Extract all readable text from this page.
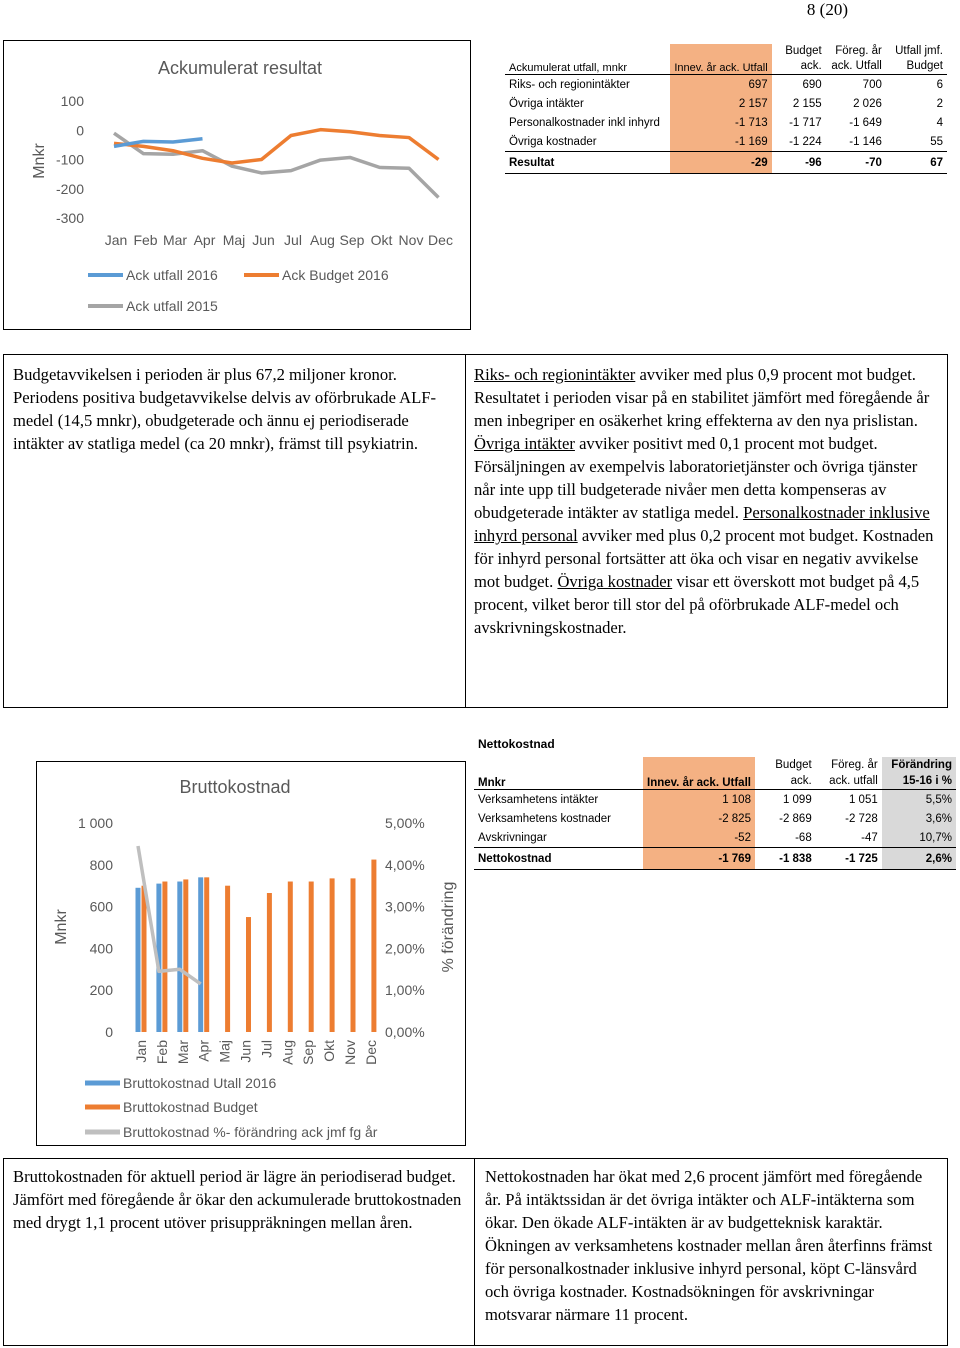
8 (20)
Ackumulerat resultat
Mnkr
100
0
-100
-200
-300
Jan Feb Mar Apr Maj Jun Jul Aug Sep Okt Nov Dec
Ack utfall 2016	Ack Budget 2016
Ack utfall 2015
Ackumulerat utfall, mnkr	Innev. år ack. Utfall	Budget ack.	Föreg. år ack. Utfall	Utfall jmf. Budget
Riks- och regionintäkter	697	690	700	6
Övriga intäkter	2 157	2 155	2 026	2
Personalkostnader inkl inhyrd	-1 713	-1 717	-1 649	4
Övriga kostnader	-1 169	-1 224	-1 146	55
Resultat	-29	-96	-70	67
Budgetavvikelsen i perioden är plus 67,2 miljoner kronor. Periodens positiva budgetavvikelse delvis av oförbrukade ALF-medel (14,5 mnkr), obudgeterade och ännu ej periodiserade intäkter av statliga medel (ca 20 mnkr), främst till psykiatrin.
Riks- och regionintäkter avviker med plus 0,9 procent mot budget. Resultatet i perioden visar på en stabilitet jämfört med föregående år men inbegriper en osäkerhet kring effekterna av den nya prislistan. Övriga intäkter avviker positivt med 0,1 procent mot budget. Försäljningen av exempelvis laboratorietjänster och övriga tjänster når inte upp till budgeterade nivåer men detta kompenseras av obudgeterade intäkter av statliga medel. Personalkostnader inklusive inhyrd personal avviker med plus 0,2 procent mot budget. Kostnaden för inhyrd personal fortsätter att öka och visar en negativ avvikelse mot budget. Övriga kostnader visar ett överskott mot budget på 4,5 procent, vilket beror till stor del på oförbrukade ALF-medel och avskrivningskostnader.
Bruttokostnad
Mnkr	% förändring
1 000
800
600
400
200
0
5,00%
4,00%
3,00%
2,00%
1,00%
0,00%
Jan Feb Mar Apr Maj Jun Jul Aug Sep Okt Nov Dec
Bruttokostnad Utall 2016
Bruttokostnad Budget
Bruttokostnad %- förändring ack jmf fg år
Nettokostnad
Mnkr	Innev. år ack. Utfall	Budget ack.	Föreg. år ack. utfall	Förändring 15-16 i %
Verksamhetens intäkter	1 108	1 099	1 051	5,5%
Verksamhetens kostnader	-2 825	-2 869	-2 728	3,6%
Avskrivningar	-52	-68	-47	10,7%
Nettokostnad	-1 769	-1 838	-1 725	2,6%
Bruttokostnaden för aktuell period är lägre än periodiserad budget. Jämfört med föregående år ökar den ackumulerade bruttokostnaden med drygt 1,1 procent utöver prisuppräkningen mellan åren.
Nettokostnaden har ökat med 2,6 procent jämfört med föregående år. På intäktssidan är det övriga intäkter och ALF-intäkterna som ökar. Den ökade ALF-intäkten är av budgetteknisk karaktär. Ökningen av verksamhetens kostnader mellan åren återfinns främst för personalkostnader inklusive inhyrd personal, köpt C-länsvård och övriga kostnader. Kostnadsökningen för avskrivningar motsvarar närmare 11 procent.
